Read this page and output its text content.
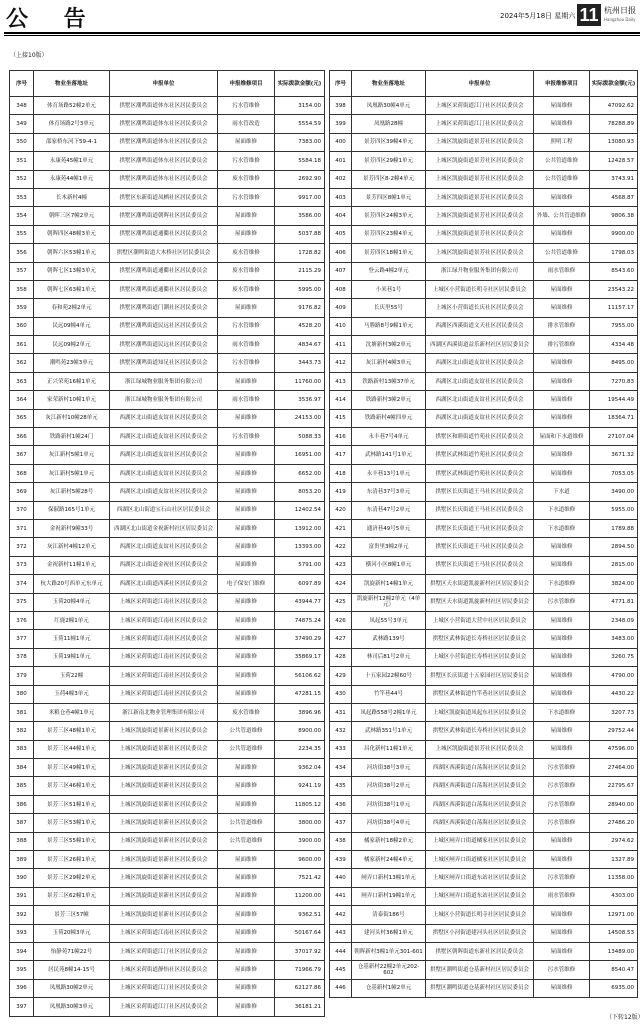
公 告	2024年5月18日 星期六 11 杭州日报
Hangzhou Daily
（上接10版）
序号	物业坐落地址	申报单位	申报维修项目	实际拨款金额(元)
348	体育场路52幢2单元	拱墅区潮鸣街道体东社区居民委员会	污水管维修	3154.00
349	体育场路2号3单元	拱墅区潮鸣街道体东社区居民委员会	雨水管改造	5554.59
350	邵家桥东河下59-4-1	拱墅区潮鸣街道体东社区居民委员会	屋面维修	7383.00
351	永康苑45幢1单元	拱墅区潮鸣街道体东社区居民委员会	污水管维修	5584.18
352	永康苑44幢1单元	拱墅区潮鸣街道体东社区居民委员会	废水管维修	2692.90
353	长木新村4幢	拱墅区东新街道凤栖社区居民委员会	污水管维修	9917.00
354	朝晖三区7幢2单元	拱墅区潮鸣街道朝晖社区居民委员会	屋面维修	3586.00
355	朝晖四区48幢3单元	拱墅区潮鸣街道通衢社区居民委员会	屋面维修	5037.88
356	朝晖六区53幢1单元	拱墅区潮鸣街道大木桥社区居民委员会	废水管维修	1728.82
357	朝晖七区13幢3单元	拱墅区潮鸣街道通衢社区居民委员会	废水管维修	2115.29
358	朝晖七区63幢1单元	拱墅区潮鸣街道通衢社区居民委员会	废水管维修	5995.00
359	春和苑2幢2单元	拱墅区潮鸣街道门潮社区居民委员会	屋面维修	9176.82
360	民远09幢4单元	拱墅区潮鸣街道民远社区居民委员会	污水管维修	4528.20
361	民远09幢2单元	拱墅区潮鸣街道民远社区居民委员会	雨水管维修	4834.67
362	潮鸣苑23幢3单元	拱墅区潮鸣街道知足社区居民委员会	污水管维修	3443.73
363	正兴荣苑16幢1单元	浙江绿城物业服务集团有限公司	屋面维修	11760.00
364	家荣新村10幢1单元	浙江绿城物业服务集团有限公司	雨水管维修	3536.97
365	灰江新村10幢28单元	西湖区北山街道友谊社区居民委员会	屋面维修	24153.00
366	铁路新村1幢24门	西湖区北山街道友谊社区居民委员会	污水管维修	5088.33
367	灰江新村5幢1单元	西湖区北山街道友谊社区居民委员会	屋面维修	16951.00
368	灰江新村5幢1单元	西湖区北山街道友谊社区居民委员会	屋面维修	6652.00
369	灰江新村5幢28号	西湖区北山街道友谊社区居民委员会	屋面维修	8053.20
370	保俶路165号1单元	西湖区北山街道宝石山社区居民委员会	屋面维修	12402.54
371	金祝新村9幢33号	西湖区北山街道金祝新村社区居民委员会	屋面维修	13912.00
372	灰江新村4幢12单元	西湖区北山街道友谊社区居民委员会	屋面维修	13393.00
373	金祝新村11幢1单元	西湖区北山街道金祝社区居民委员会	屋面维修	5791.00
374	杭大路20号西单元东单元	西湖区北山街道西溪社区居民委员会	电子保安门维修	6097.89
375	玉荷20幢4单元	上城区采荷街道江南社区居民委员会	屋面维修	43944.77
376	红鹿2幢1单元	上城区采荷街道江南社区居民委员会	屋面维修	74875.24
377	玉荷11幢1单元	上城区采荷街道江南社区居民委员会	屋面维修	37490.29
378	玉荷19幢1单元	上城区采荷街道江南社区居民委员会	屋面维修	35869.17
379	玉荷22幢	上城区采荷街道江南社区居民委员会	屋面维修	56106.62
380	玉荷4幢3单元	上城区采荷街道江南社区居民委员会	屋面维修	47281.15
381	米粮仓巷4幢1单元	浙江新南北物业管理集团有限公司	废水管维修	3896.96
382	景芳三区48幢1单元	上城区凯旋街道景新社区居民委员会	公共管道维修	8900.00
383	景芳三区44幢1单元	上城区凯旋街道景新社区居民委员会	公共管道维修	2234.35
384	景芳三区49幢1单元	上城区凯旋街道景新社区居民委员会	屋面维修	9362.04
385	景芳三区46幢1单元	上城区凯旋街道景新社区居民委员会	屋面维修	9241.19
386	景芳三区51幢1单元	上城区凯旋街道景新社区居民委员会	屋面维修	11805.12
387	景芳三区53幢1单元	上城区凯旋街道景新社区居民委员会	公共管道维修	3800.00
388	景芳三区55幢1单元	上城区凯旋街道景新社区居民委员会	公共管道维修	3900.00
389	景芳三区26幢1单元	上城区凯旋街道景新社区居民委员会	屋面维修	9600.00
390	景芳三区29幢2单元	上城区凯旋街道景新社区居民委员会	屋面维修	7521.42
391	景芳三区62幢1单元	上城区凯旋街道景新社区居民委员会	屋面维修	11200.00
392	景芳三区57幢	上城区凯旋街道景新社区居民委员会	屋面维修	9362.51
393	玉荷20幢3单元	上城区采荷街道江南社区居民委员会	屋面维修	50167.64
394	怡静苑71幢22号	上城区采荷街道江汀社区居民委员会	屋面维修	37017.92
395	居民苑8幢14-15号	上城区采荷街道静怡社区居民委员会	屋面维修	71966.79
396	凤凰路30幢2单元	上城区采荷街道江汀社区居民委员会	屋面维修	62127.86
397	凤凰路30幢3单元	上城区采荷街道江汀社区居民委员会	屋面维修	36181.21
序号	物业坐落地址	申报单位	申报维修项目	实际拨款金额(元)
398	凤凰路30幢4单元	上城区采荷街道江汀社区居民委员会	屋面维修	47092.62
399	凤凰路28幢	上城区采荷街道江汀社区居民委员会	屋面维修	78288.89
400	景芳四区39幢4单元	上城区凯旋街道景芳社区居民委员会	照明工程	13080.93
401	景芳四区29幢1单元	上城区凯旋街道景芳社区居民委员会	公共管道维修	12428.57
402	景芳四区8-2幢4单元	上城区凯旋街道景芳社区居民委员会	公共管道维修	3743.91
403	景芳四区8幢1单元	上城区凯旋街道景芳社区居民委员会	屋面维修	4568.87
404	景芳四区24幢3单元	上城区凯旋街道景芳社区居民委员会	外墙、公共管道维修	9806.38
405	景芳四区23幢4单元	上城区凯旋街道景芳社区居民委员会	屋面维修	9900.00
406	景芳四区18幢1单元	上城区凯旋街道景芳社区居民委员会	公共管道维修	1798.03
407	登云路4幢2单元	浙江绿升物业服务集团有限公司	雨水管维修	8543.60
408	小米巷1号	上城区小营街道长明寺社区居民委员会	屋面维修	23543.22
409	长庆里55号	上城区小营街道长庆社区居民委员会	屋面维修	11157.17
410	马塍路8号9幢1单元	西湖区西溪街道文天社区居民委员会	排水管维修	7955.00
411	沈塘新村3幢2单元	西湖区西溪街道益乐新村社区居民委员会	排污管维修	4334.48
412	灰江新村4幢3单元	西湖区北山街道友谊社区居民委员会	屋面维修	8495.00
413	铁路新村13幢37单元	西湖区北山街道友谊社区居民委员会	屋面维修	7270.83
414	铁路新村3幢2单元	西湖区北山街道友谊社区居民委员会	屋面维修	19544.49
415	铁路新村4幢四单元	西湖区北山街道友谊社区居民委员会	屋面维修	18364.71
416	永丰巷7号4单元	拱墅区和睦街道竹苑社区居民委员会	屋面和下水道维修	27107.04
417	武林路141号1单元	拱墅区武林街道竹苑社区居民委员会	屋面维修	3671.32
418	永丰巷13号1单元	拱墅区武林街道竹苑社区居民委员会	屋面维修	7053.05
419	东清巷37号3单元	拱墅区长庆街道王马社区居民委员会	下水道	3490.00
420	东清巷47号2单元	拱墅区长庆街道王马社区居民委员会	下水道维修	5955.00
421	通济巷49号5单元	拱墅区长庆街道王马社区居民委员会	下水道维修	1789.88
422	富贵里3幢2单元	拱墅区长庆街道王马社区居民委员会	屋面维修	2894.50
423	横河小区8幢1单元	拱墅区长庆街道王马社区居民委员会	屋面维修	2815.00
424	凯旋新村14幢1单元	拱墅区天水街道凯旋新村社区居民委员会	下水道维修	3824.00
425	凯旋新村12幢2单元（4单元）	拱墅区天水街道凯旋新村社区居民委员会	污水管维修	4771.81
426	凤起55号3单元	上城区小营街道大营中社区居民委员会	屋面维修	2348.09
427	武林路139号	拱墅区武林街道长寿桥社区居民委员会	屋面维修	3483.00
428	林司后81号2单元	上城区小营街道长寿桥社区居民委员会	屋面维修	3260.75
429	十五家园22幢60号	拱墅区长庆街道十五家园社区居民委员会	屋面维修	4790.00
430	竹竿巷44号	拱墅区武林街道竹竿巷社区居民委员会	屋面维修	4430.22
431	凤起路558号2幢1单元	上城区凯旋街道凤起东社区居民委员会	下水道维修	3207.73
432	武林路351号1单元	拱墅区武林街道长寿桥社区居民委员会	屋面维修	29752.44
433	昌化新村11幢1单元	上城区凯旋街道景芳社区居民委员会	屋面维修	47596.00
434	河坊街38号3单元	西湖区西溪街道白荡海社区居民委员会	污水管维修	27464.00
435	河坊街38号2单元	西湖区西溪街道白荡海社区居民委员会	污水管维修	22795.67
436	河坊街38号1单元	西湖区西溪街道白荡海社区居民委员会	污水管维修	28940.00
437	河坊街38号4单元	西湖区西溪街道白荡海社区居民委员会	污水管维修	27486.20
438	橘家新村18幢2单元	上城区闸弄口街道橘家社区居民委员会	屋面维修	2974.62
439	橘家新村24幢4单元	上城区闸弄口街道橘家社区居民委员会	屋面维修	1327.89
440	闸弄口新村13幢1单元	上城区闸弄口街道东站社区居民委员会	污水管维修	11358.00
441	闸弄口新村19幢1单元	上城区闸弄口街道东站社区居民委员会	雨水管维修	4303.00
442	清泰街186号	上城区小营街道长明寺社区居民委员会	屋面维修	12971.00
443	建河头村36幢1单元	拱墅区小河街道建河头社区居民委员会	屋面维修	14508.53
444	朝晖新村3幢1单元301-601	拱墅区朝晖街道东新社区居民委员会	屋面维修	13489.00
445	仓基新村22幢2单元202-602	拱墅区潮鸣街道仓基新村社区居民委员会	污水管维修	8540.47
446	仓基新村1幢2单元	拱墅区潮鸣街道仓基新村社区居民委员会	屋面维修	6935.00
（下转12版）
